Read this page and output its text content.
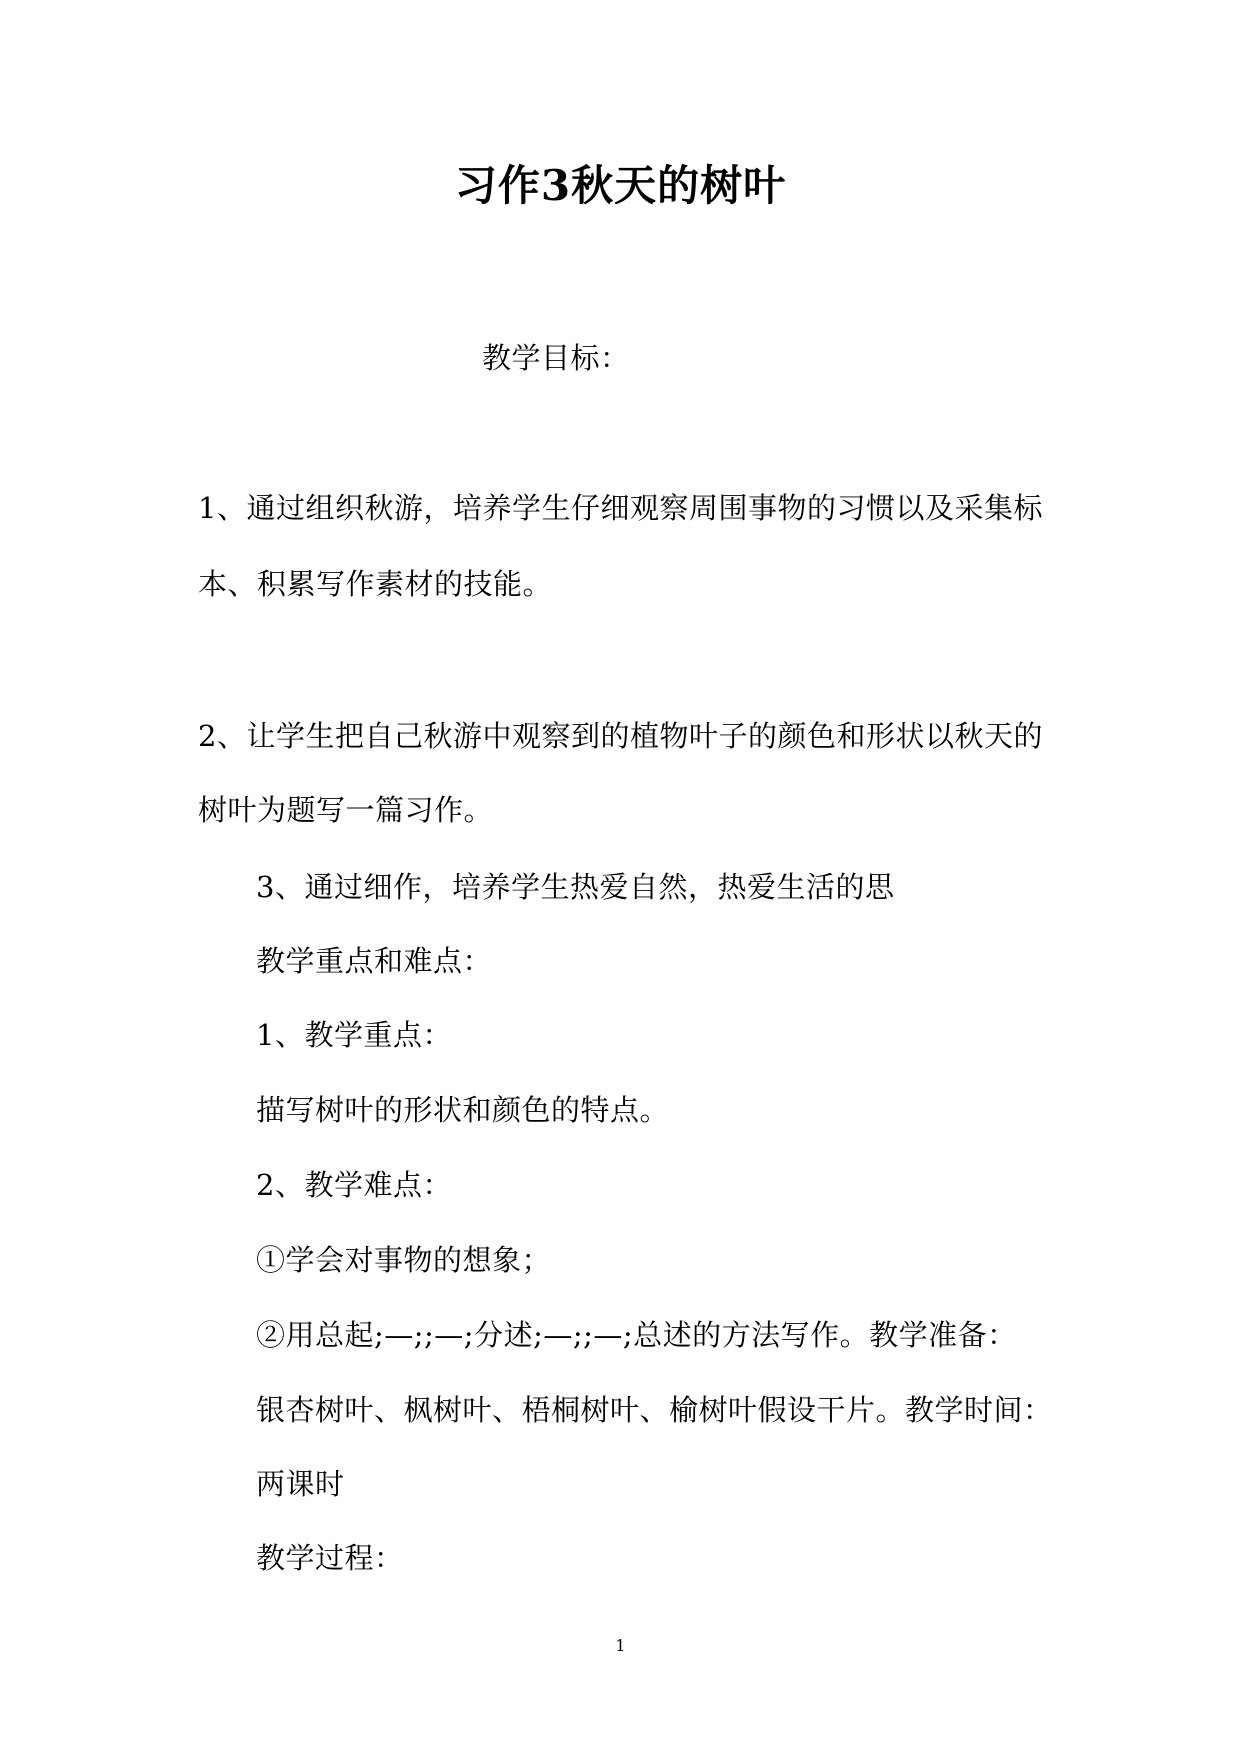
习作3秋天的树叶
教学目标：
1、通过组织秋游，培养学生仔细观察周围事物的习惯以及采集标
本、积累写作素材的技能。
2、让学生把自己秋游中观察到的植物叶子的颜色和形状以秋天的
树叶为题写一篇习作。
3、通过细作，培养学生热爱自然，热爱生活的思
教学重点和难点：
1、教学重点：
描写树叶的形状和颜色的特点。
2、教学难点：
①学会对事物的想象；
②用总起;—;;—;分述;—;;—;总述的方法写作。教学准备：
银杏树叶、枫树叶、梧桐树叶、榆树叶假设干片。教学时间：
两课时
教学过程：
1
